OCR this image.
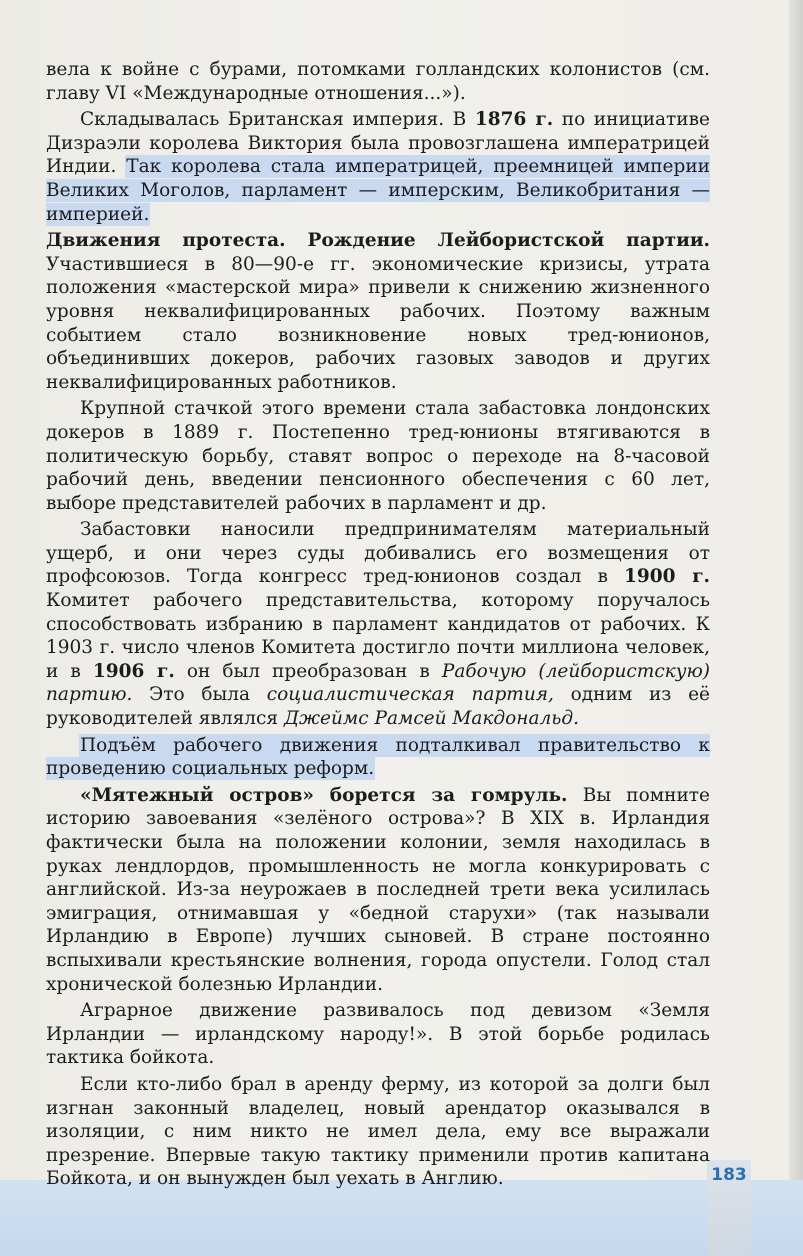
183

вела к войне с бурами, потомками голландских колонистов (см. главу VI «Международные отношения...»).

Складывалась Британская империя. В 1876 г. по инициативе Дизраэли королева Виктория была провозглашена императрицей Индии. Так королева стала императрицей, преемницей империи Великих Моголов, парламент — имперским, Великобритания — империей.

Движения протеста. Рождение Лейбористской партии. Участившиеся в 80—90-е гг. экономические кризисы, утрата положения «мастерской мира» привели к снижению жизненного уровня неквалифицированных рабочих. Поэтому важным событием стало возникновение новых тред-юнионов, объединивших докеров, рабочих газовых заводов и других неквалифицированных работников.

Крупной стачкой этого времени стала забастовка лондонских докеров в 1889 г. Постепенно тред-юнионы втягиваются в политическую борьбу, ставят вопрос о переходе на 8-часовой рабочий день, введении пенсионного обеспечения с 60 лет, выборе представителей рабочих в парламент и др.

Забастовки наносили предпринимателям материальный ущерб, и они через суды добивались его возмещения от профсоюзов. Тогда конгресс тред-юнионов создал в 1900 г. Комитет рабочего представительства, которому поручалось способствовать избранию в парламент кандидатов от рабочих. К 1903 г. число членов Комитета достигло почти миллиона человек, и в 1906 г. он был преобразован в Рабочую (лейбористскую) партию. Это была социалистическая партия, одним из её руководителей являлся Джеймс Рамсей Макдональд.

Подъём рабочего движения подталкивал правительство к проведению социальных реформ.

«Мятежный остров» борется за гомруль. Вы помните историю завоевания «зелёного острова»? В XIX в. Ирландия фактически была на положении колонии, земля находилась в руках лендлордов, промышленность не могла конкурировать с английской. Из-за неурожаев в последней трети века усилилась эмиграция, отнимавшая у «бедной старухи» (так называли Ирландию в Европе) лучших сыновей. В стране постоянно вспыхивали крестьянские волнения, города опустели. Голод стал хронической болезнью Ирландии.

Аграрное движение развивалось под девизом «Земля Ирландии — ирландскому народу!». В этой борьбе родилась тактика бойкота.

Если кто-либо брал в аренду ферму, из которой за долги был изгнан законный владелец, новый арендатор оказывался в изоляции, с ним никто не имел дела, ему все выражали презрение. Впервые такую тактику применили против капитана Бойкота, и он вынужден был уехать в Англию.
